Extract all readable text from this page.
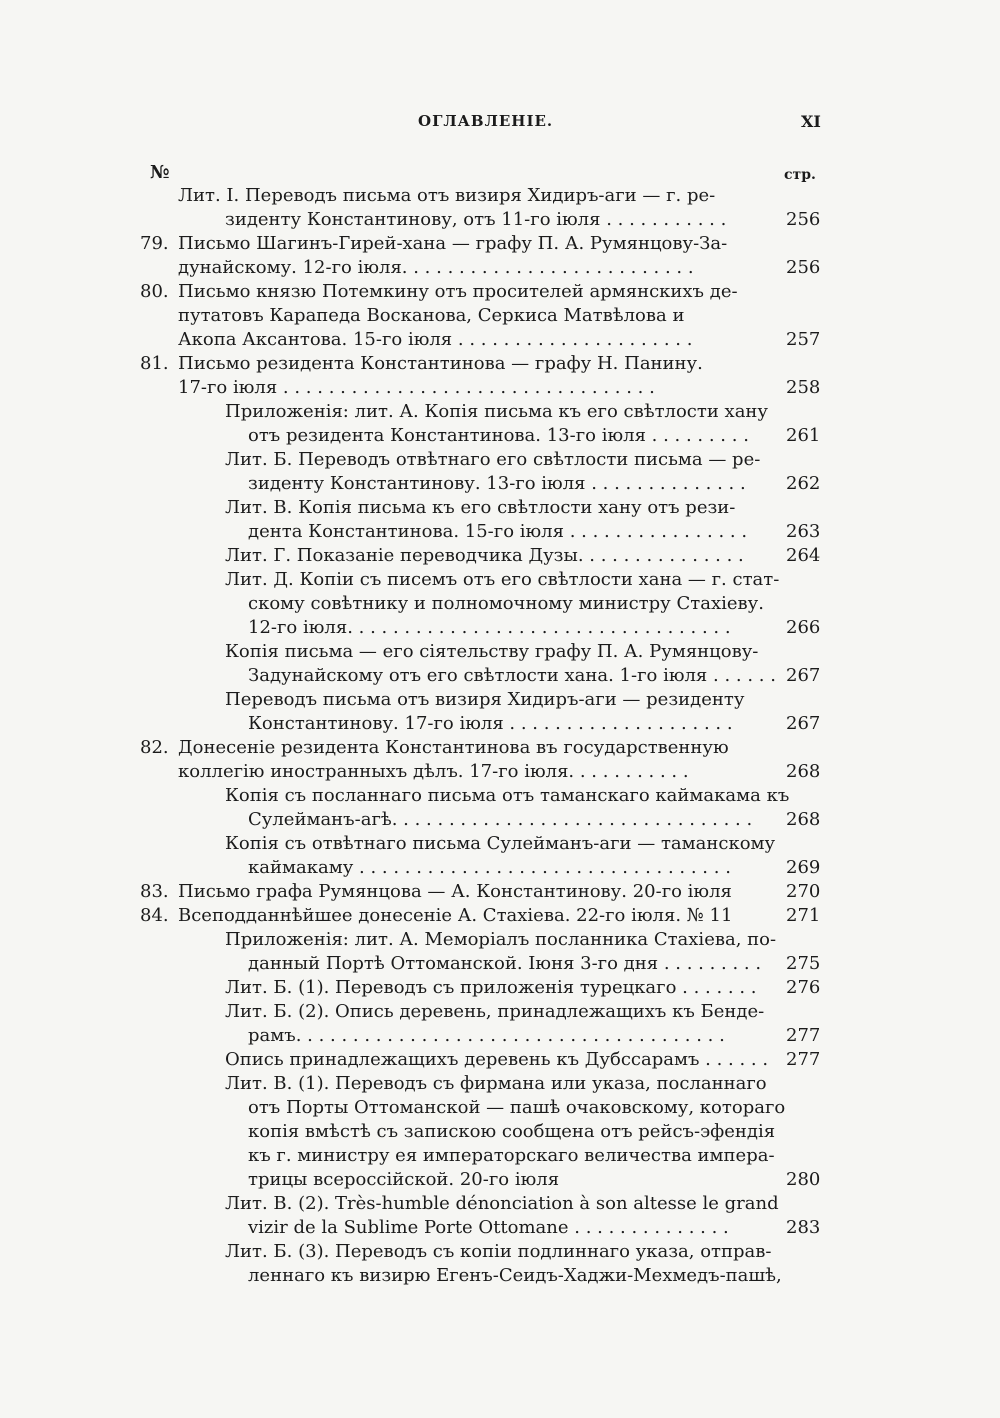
ОГЛАВЛЕНІЕ.	XI
№	стр.
Лит. I. Переводъ письма отъ визиря Хидиръ-аги — г. ре-
зиденту Константинову, отъ 11-го іюля . . . . . . . . . . .	256
79. Письмо Шагинъ-Гирей-хана — графу П. А. Румянцову-За-
дунайскому. 12-го іюля. . . . . . . . . . . . . . . . . . . . . . . . . .	256
80. Письмо князю Потемкину отъ просителей армянскихъ де-
путатовъ Карапеда Восканова, Серкиса Матвѣлова и
Акопа Аксантова. 15-го іюля . . . . . . . . . . . . . . . . . . . . .	257
81. Письмо резидента Константинова — графу Н. Панину.
17-го іюля . . . . . . . . . . . . . . . . . . . . . . . . . . . . . . . . .	258
Приложенія: лит. А. Копія письма къ его свѣтлости хану
отъ резидента Константинова. 13-го іюля . . . . . . . . . 261
Лит. Б. Переводъ отвѣтнаго его свѣтлости письма — ре-
зиденту Константинову. 13-го іюля . . . . . . . . . . . . . . 262
Лит. В. Копія письма къ его свѣтлости хану отъ рези-
дента Константинова. 15-го іюля . . . . . . . . . . . . . . . . 263
Лит. Г. Показаніе переводчика Дузы. . . . . . . . . . . . . . . 264
Лит. Д. Копіи съ писемъ отъ его свѣтлости хана — г. стат-
скому совѣтнику и полномочному министру Стахіеву.
12-го іюля. . . . . . . . . . . . . . . . . . . . . . . . . . . . . . . . . .	266
Копія письма — его сіятельству графу П. А. Румянцову-
Задунайскому отъ его свѣтлости хана. 1-го іюля . . . . . . 267
Переводъ письма отъ визиря Хидиръ-аги — резиденту
Константинову. 17-го іюля . . . . . . . . . . . . . . . . . . . .	267
82. Донесеніе резидента Константинова въ государственную
коллегію иностранныхъ дѣлъ. 17-го іюля. . . . . . . . . . .	268
Копія съ посланнаго письма отъ таманскаго каймакама къ
Сулейманъ-агѣ. . . . . . . . . . . . . . . . . . . . . . . . . . . . . . . . 268
Копія съ отвѣтнаго письма Сулейманъ-аги — таманскому
каймакаму . . . . . . . . . . . . . . . . . . . . . . . . . . . . . . . . .	269
83. Письмо графа Румянцова — А. Константинову. 20-го іюля	270
84. Всеподданнѣйшее донесеніе А. Стахіева. 22-го іюля. № 11	271
Приложенія: лит. А. Меморіалъ посланника Стахіева, по-
данный Портѣ Оттоманской. Іюня 3-го дня . . . . . . . . . 275
Лит. Б. (1). Переводъ съ приложенія турецкаго . . . . . . . 276
Лит. Б. (2). Опись деревень, принадлежащихъ къ Бенде-
рамъ. . . . . . . . . . . . . . . . . . . . . . . . . . . . . . . . . . . . . .	277
Опись принадлежащихъ деревень къ Дубссарамъ . . . . . . 277
Лит. В. (1). Переводъ съ фирмана или указа, посланнаго
отъ Порты Оттоманской — пашѣ очаковскому, котораго
копія вмѣстѣ съ запискою сообщена отъ рейсъ-эфендія
къ г. министру ея императорскаго величества импера-
трицы всероссійской. 20-го іюля	280
Лит. В. (2). Très-humble dénonciation à son altesse le grand
vizir de la Sublime Porte Ottomane . . . . . . . . . . . . . .	283
Лит. Б. (3). Переводъ съ копіи подлиннаго указа, отправ-
леннаго къ визирю Егенъ-Сеидъ-Хаджи-Мехмедъ-пашѣ,
